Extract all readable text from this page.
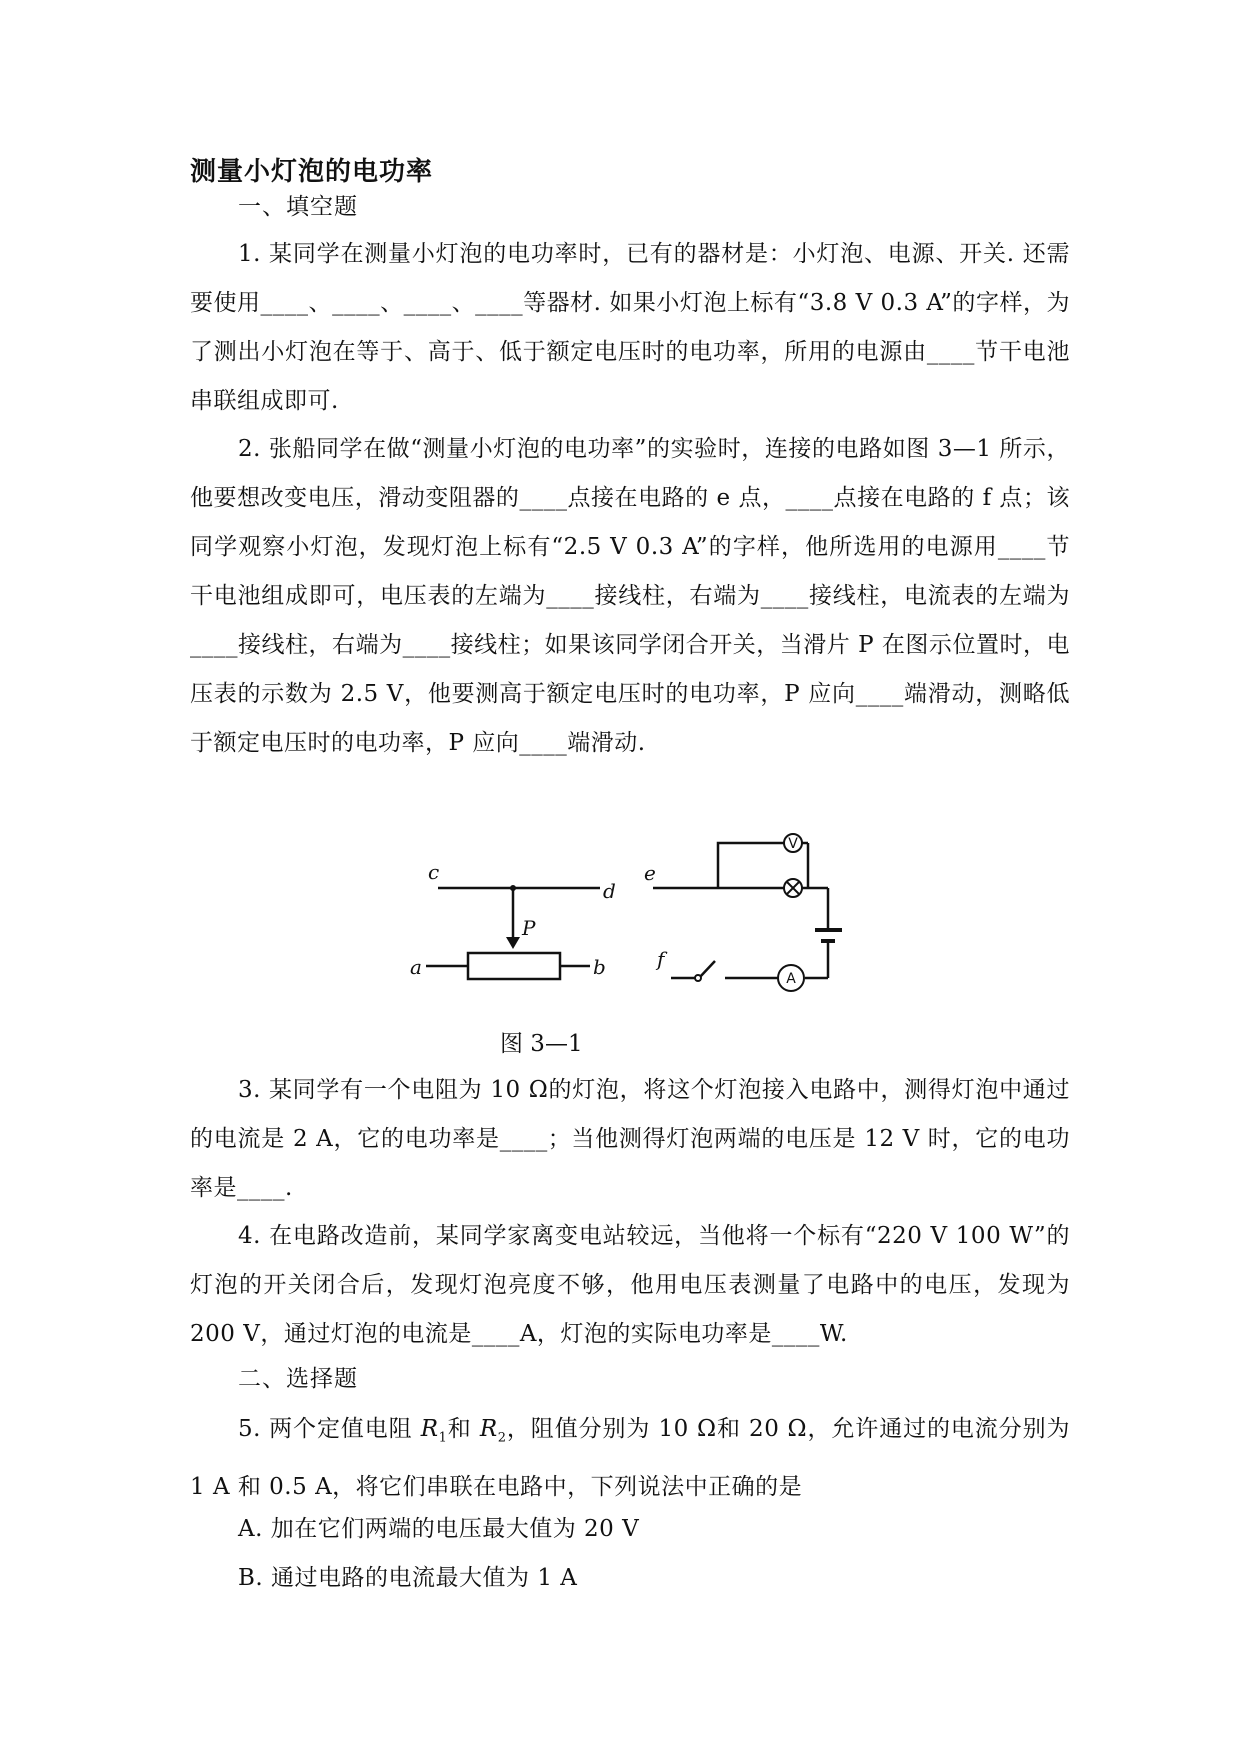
测量小灯泡的电功率
一、填空题
1. 某同学在测量小灯泡的电功率时，已有的器材是：小灯泡、电源、开关. 还需要使用____、____、____、____等器材. 如果小灯泡上标有“3.8 V 0.3 A”的字样，为了测出小灯泡在等于、高于、低于额定电压时的电功率，所用的电源由____节干电池串联组成即可.
2. 张船同学在做“测量小灯泡的电功率”的实验时，连接的电路如图 3—1 所示，他要想改变电压，滑动变阻器的____点接在电路的 e 点，____点接在电路的 f 点；该同学观察小灯泡，发现灯泡上标有“2.5 V 0.3 A”的字样，他所选用的电源用____节干电池组成即可，电压表的左端为____接线柱，右端为____接线柱，电流表的左端为____接线柱，右端为____接线柱；如果该同学闭合开关，当滑片 P 在图示位置时，电压表的示数为 2.5 V，他要测高于额定电压时的电功率，P 应向____端滑动，测略低于额定电压时的电功率，P 应向____端滑动.
c
d
P
a	b
V
A
e
f
图 3—1
3. 某同学有一个电阻为 10 Ω的灯泡，将这个灯泡接入电路中，测得灯泡中通过的电流是 2 A，它的电功率是____；当他测得灯泡两端的电压是 12 V 时，它的电功率是____.
4. 在电路改造前，某同学家离变电站较远，当他将一个标有“220 V 100 W”的灯泡的开关闭合后，发现灯泡亮度不够，他用电压表测量了电路中的电压，发现为 200 V，通过灯泡的电流是____A，灯泡的实际电功率是____W.
二、选择题
5. 两个定值电阻 $R_1$和 $R_2$，阻值分别为 10 Ω和 20 Ω，允许通过的电流分别为 1 A 和 0.5 A，将它们串联在电路中，下列说法中正确的是
A. 加在它们两端的电压最大值为 20 V
B. 通过电路的电流最大值为 1 A
